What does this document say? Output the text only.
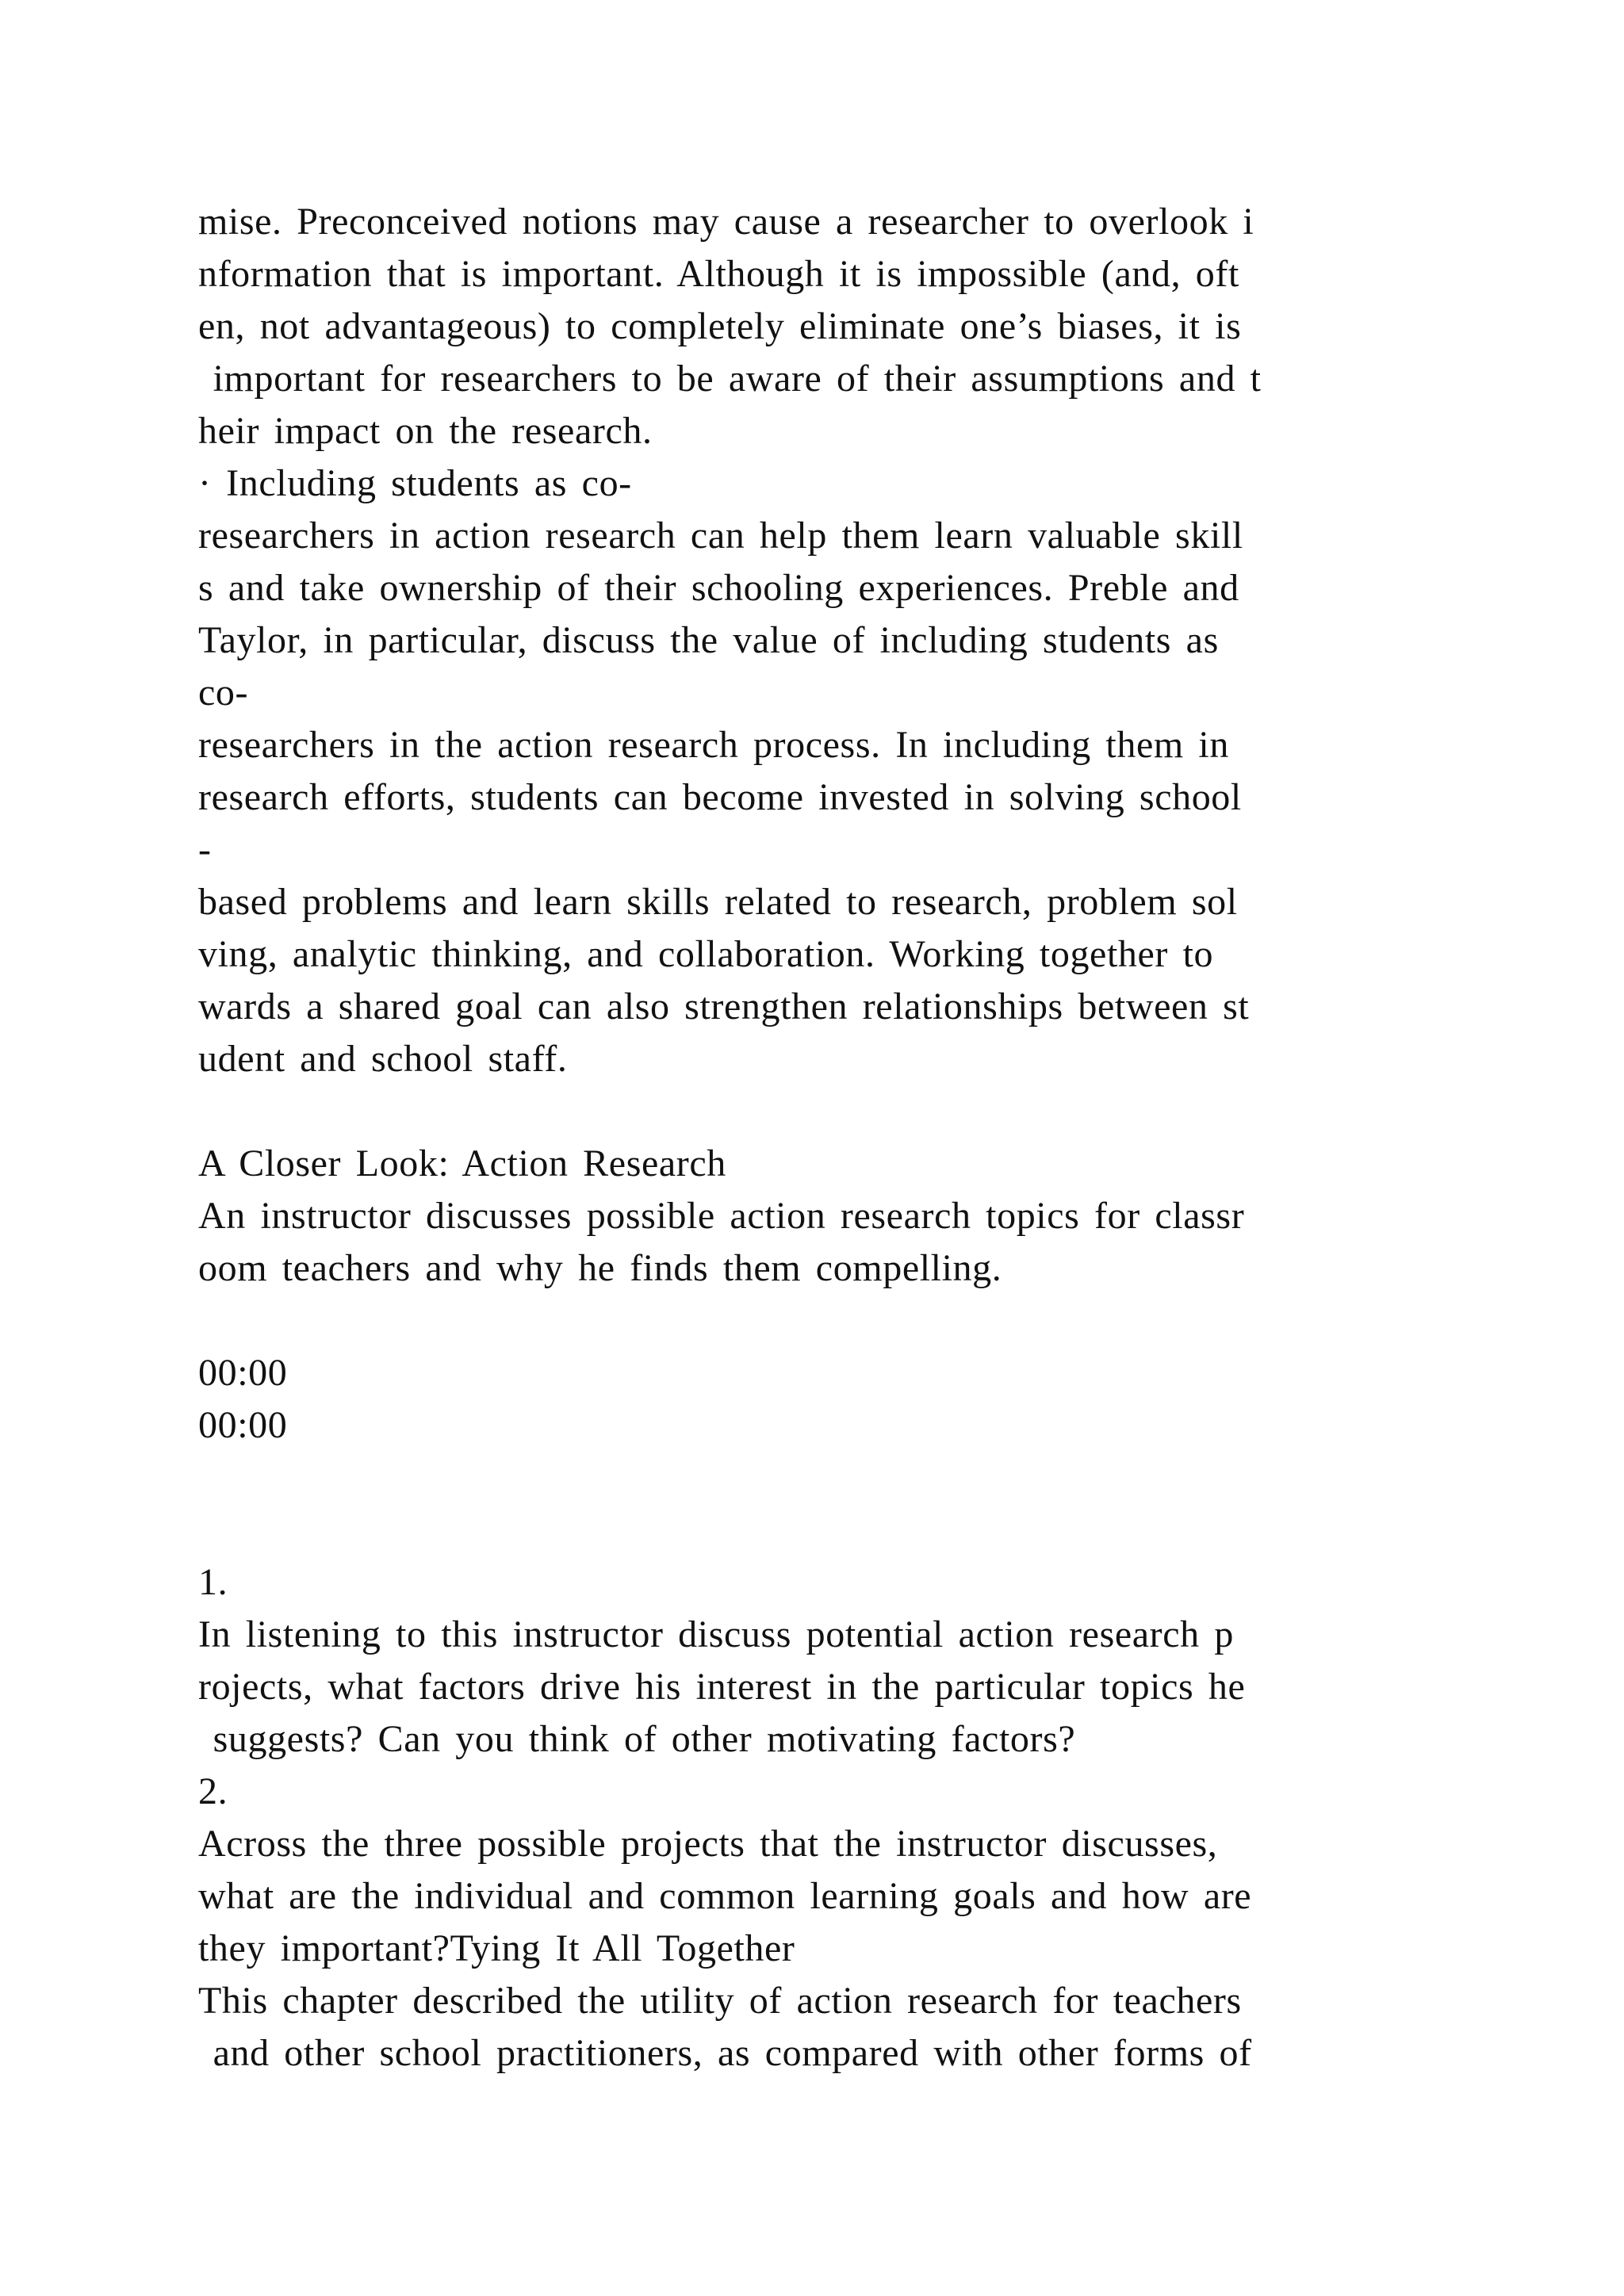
mise. Preconceived notions may cause a researcher to overlook i
nformation that is important. Although it is impossible (and, oft
en, not advantageous) to completely eliminate one’s biases, it is
important for researchers to be aware of their assumptions and t
heir impact on the research.
· Including students as co-
researchers in action research can help them learn valuable skill
s and take ownership of their schooling experiences. Preble and
Taylor, in particular, discuss the value of including students as
co-
researchers in the action research process. In including them in
research efforts, students can become invested in solving school
-
based problems and learn skills related to research, problem sol
ving, analytic thinking, and collaboration. Working together to
wards a shared goal can also strengthen relationships between st
udent and school staff.
A Closer Look: Action Research
An instructor discusses possible action research topics for classr
oom teachers and why he finds them compelling.
00:00
00:00
1.
In listening to this instructor discuss potential action research p
rojects, what factors drive his interest in the particular topics he
suggests? Can you think of other motivating factors?
2.
Across the three possible projects that the instructor discusses,
what are the individual and common learning goals and how are
they important?Tying It All Together
This chapter described the utility of action research for teachers
and other school practitioners, as compared with other forms of
